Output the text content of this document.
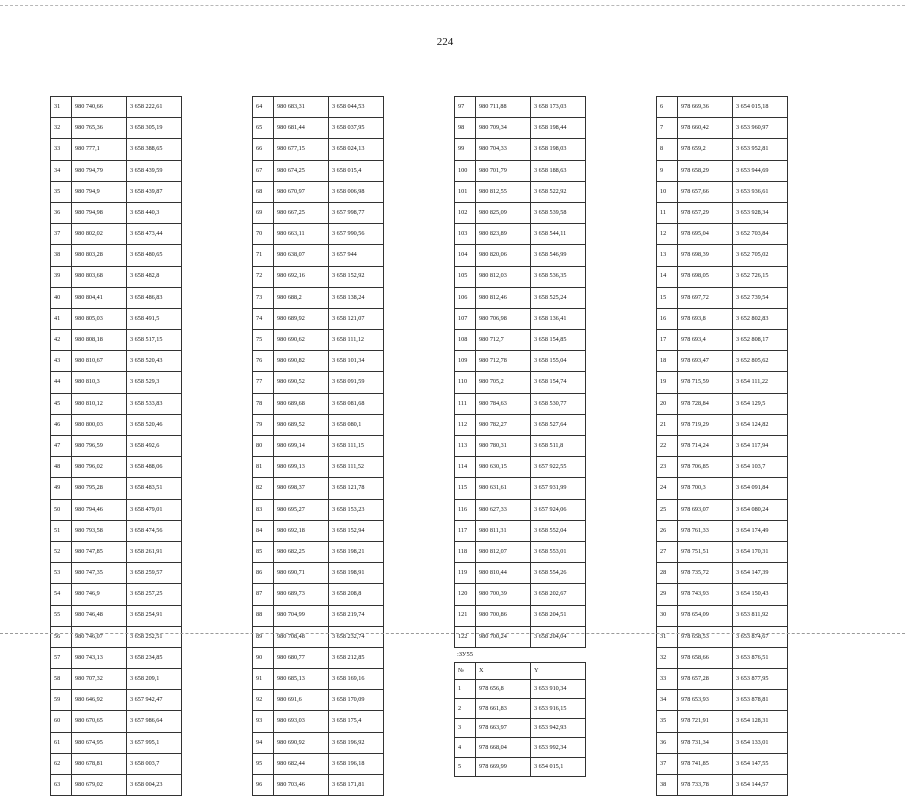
224
31	980 740,66	3 658 222,61
32	980 765,36	3 658 305,19
33	980 777,1	3 658 388,65
34	980 794,79	3 658 439,59
35	980 794,9	3 658 439,87
36	980 794,98	3 658 440,3
37	980 802,02	3 658 473,44
38	980 803,28	3 658 480,65
39	980 803,68	3 658 482,8
40	980 804,41	3 658 486,83
41	980 805,03	3 658 491,5
42	980 808,18	3 658 517,15
43	980 810,67	3 658 520,43
44	980 810,3	3 658 529,3
45	980 810,12	3 658 533,83
46	980 800,03	3 658 520,46
47	980 796,59	3 658 492,6
48	980 796,02	3 658 488,06
49	980 795,28	3 658 483,51
50	980 794,46	3 658 479,01
51	980 793,58	3 658 474,56
52	980 747,85	3 658 261,91
53	980 747,35	3 658 259,57
54	980 746,9	3 658 257,25
55	980 746,48	3 658 254,91
56	980 746,07	3 658 252,51
57	980 743,13	3 658 234,85
58	980 707,32	3 658 209,1
59	980 646,92	3 657 942,47
60	980 670,65	3 657 986,64
61	980 674,95	3 657 995,1
62	980 678,81	3 658 003,7
63	980 679,02	3 658 004,23
64	980 683,31	3 658 044,53
65	980 681,44	3 658 037,95
66	980 677,15	3 658 024,13
67	980 674,25	3 658 015,4
68	980 670,97	3 658 006,98
69	980 667,25	3 657 998,77
70	980 663,11	3 657 990,56
71	980 638,07	3 657 944
72	980 692,16	3 658 152,92
73	980 688,2	3 658 138,24
74	980 689,92	3 658 121,07
75	980 690,62	3 658 111,12
76	980 690,82	3 658 101,34
77	980 690,52	3 658 091,59
78	980 689,68	3 658 081,68
79	980 689,52	3 658 080,1
80	980 699,14	3 658 111,15
81	980 699,13	3 658 111,52
82	980 698,37	3 658 121,78
83	980 695,27	3 658 153,23
84	980 692,18	3 658 152,94
85	980 682,25	3 658 198,21
86	980 690,71	3 658 198,91
87	980 689,73	3 658 208,8
88	980 704,99	3 658 219,74
89	980 708,48	3 658 232,74
90	980 680,77	3 658 212,85
91	980 685,13	3 658 169,16
92	980 691,6	3 658 170,09
93	980 693,03	3 658 175,4
94	980 690,92	3 658 196,92
95	980 682,44	3 658 196,18
96	980 703,46	3 658 171,81
97	980 711,88	3 658 173,03
98	980 709,34	3 658 198,44
99	980 704,33	3 658 198,03
100	980 701,79	3 658 188,63
101	980 812,55	3 658 522,92
102	980 825,09	3 658 539,58
103	980 823,89	3 658 544,11
104	980 820,06	3 658 546,99
105	980 812,03	3 658 536,35
106	980 812,46	3 658 525,24
107	980 706,98	3 658 136,41
108	980 712,7	3 658 154,85
109	980 712,78	3 658 155,04
110	980 705,2	3 658 154,74
111	980 784,63	3 658 530,77
112	980 782,27	3 658 527,64
113	980 780,31	3 658 511,8
114	980 630,15	3 657 922,55
115	980 631,61	3 657 931,99
116	980 627,33	3 657 924,06
117	980 811,31	3 658 552,04
118	980 812,07	3 658 553,01
119	980 810,44	3 658 554,26
120	980 700,39	3 658 202,67
121	980 700,86	3 658 204,51
122	980 700,24	3 658 204,04
:ЗУ55
№	X	Y
1	978 656,8	3 653 910,34
2	978 661,83	3 653 916,15
3	978 663,97	3 653 942,93
4	978 668,04	3 653 992,34
5	978 669,99	3 654 015,1
6	978 669,36	3 654 015,18
7	978 660,42	3 653 960,97
8	978 659,2	3 653 952,81
9	978 658,29	3 653 944,69
10	978 657,66	3 653 936,61
11	978 657,29	3 653 928,34
12	978 695,04	3 652 703,84
13	978 698,39	3 652 705,02
14	978 698,05	3 652 726,15
15	978 697,72	3 652 739,54
16	978 693,8	3 652 802,83
17	978 693,4	3 652 808,17
18	978 693,47	3 652 805,62
19	978 715,59	3 654 111,22
20	978 728,84	3 654 129,5
21	978 719,29	3 654 124,82
22	978 714,24	3 654 117,94
23	978 706,85	3 654 103,7
24	978 700,3	3 654 091,84
25	978 693,07	3 654 080,24
26	978 761,33	3 654 174,49
27	978 751,51	3 654 170,31
28	978 735,72	3 654 147,39
29	978 743,93	3 654 150,43
30	978 654,09	3 653 811,92
31	978 658,53	3 653 874,67
32	978 658,66	3 653 876,51
33	978 657,28	3 653 877,95
34	978 653,93	3 653 878,81
35	978 721,91	3 654 128,31
36	978 731,34	3 654 133,01
37	978 741,85	3 654 147,55
38	978 733,78	3 654 144,57
